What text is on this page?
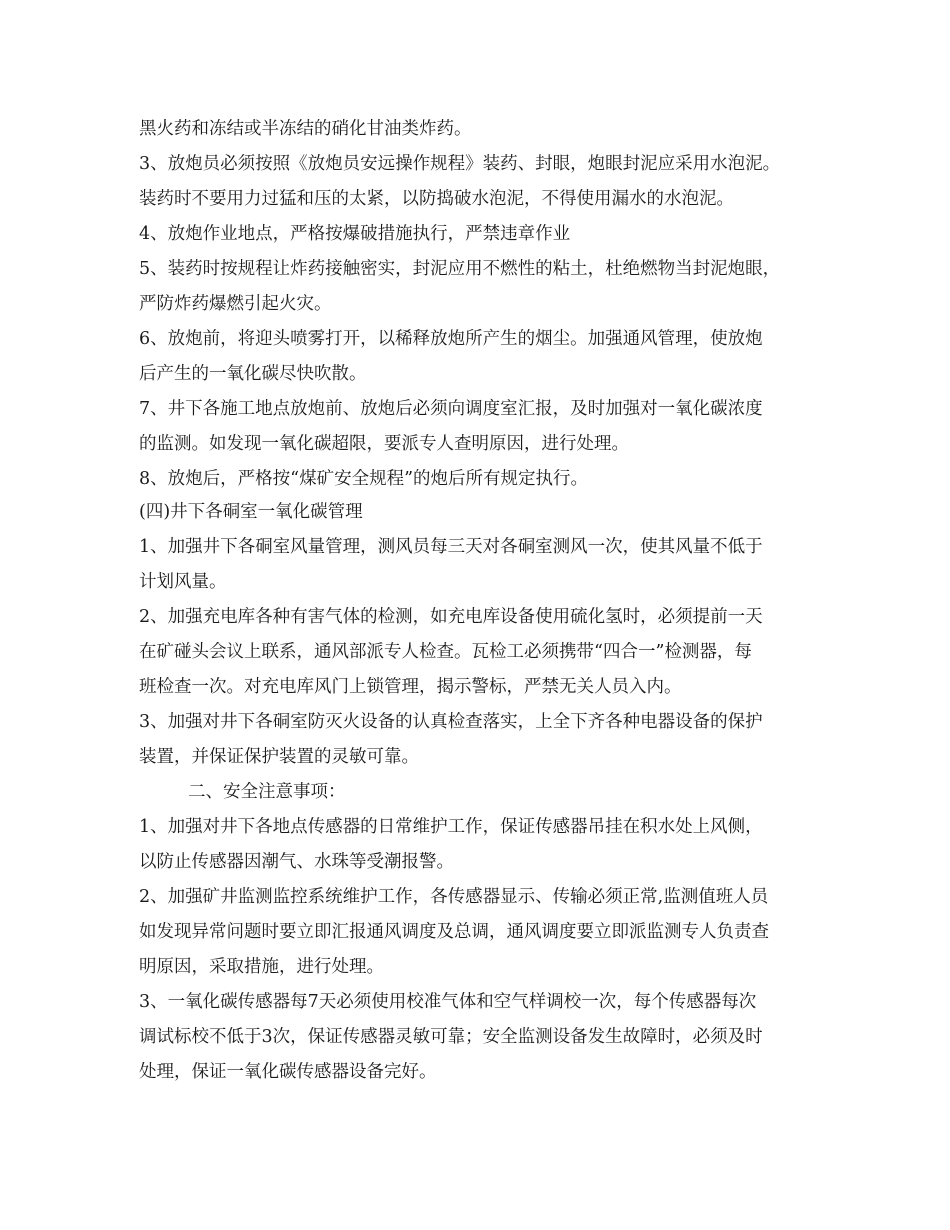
黑火药和冻结或半冻结的硝化甘油类炸药。

3、放炮员必须按照《放炮员安远操作规程》装药、封眼，炮眼封泥应采用水泡泥。

装药时不要用力过猛和压的太紧，以防捣破水泡泥，不得使用漏水的水泡泥。

4、放炮作业地点，严格按爆破措施执行，严禁违章作业

5、装药时按规程让炸药接触密实，封泥应用不燃性的粘土，杜绝燃物当封泥炮眼，

严防炸药爆燃引起火灾。

6、放炮前，将迎头喷雾打开，以稀释放炮所产生的烟尘。加强通风管理，使放炮

后产生的一氧化碳尽快吹散。

7、井下各施工地点放炮前、放炮后必须向调度室汇报，及时加强对一氧化碳浓度

的监测。如发现一氧化碳超限，要派专人查明原因，进行处理。

8、放炮后，严格按“煤矿安全规程”的炮后所有规定执行。

(四)井下各硐室一氧化碳管理

1、加强井下各硐室风量管理，测风员每三天对各硐室测风一次，使其风量不低于

计划风量。

2、加强充电库各种有害气体的检测，如充电库设备使用硫化氢时，必须提前一天

在矿碰头会议上联系，通风部派专人检查。瓦检工必须携带“四合一”检测器，每

班检查一次。对充电库风门上锁管理，揭示警标，严禁无关人员入内。

3、加强对井下各硐室防灭火设备的认真检查落实，上全下齐各种电器设备的保护

装置，并保证保护装置的灵敏可靠。

二、安全注意事项：

1、加强对井下各地点传感器的日常维护工作，保证传感器吊挂在积水处上风侧，

以防止传感器因潮气、水珠等受潮报警。

2、加强矿井监测监控系统维护工作，各传感器显示、传输必须正常,监测值班人员

如发现异常问题时要立即汇报通风调度及总调，通风调度要立即派监测专人负责查

明原因，采取措施，进行处理。

3、一氧化碳传感器每7天必须使用校准气体和空气样调校一次，每个传感器每次

调试标校不低于3次，保证传感器灵敏可靠；安全监测设备发生故障时，必须及时

处理，保证一氧化碳传感器设备完好。
